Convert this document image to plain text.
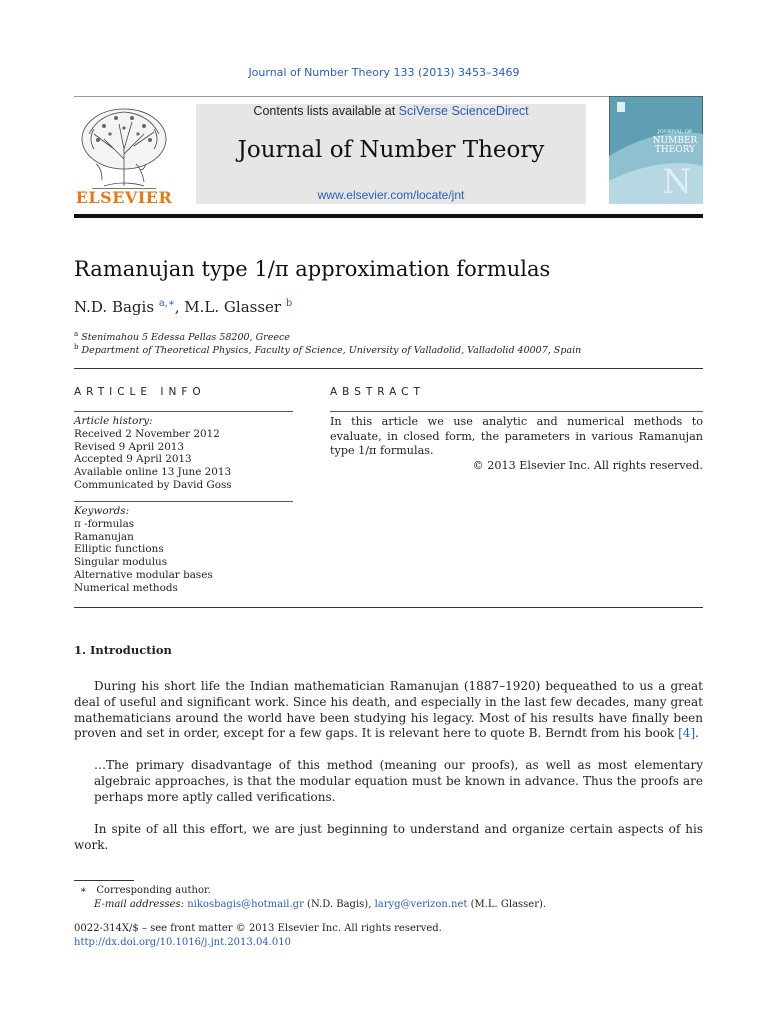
Journal of Number Theory 133 (2013) 3453–3469
ELSEVIER
Contents lists available at SciVerse ScienceDirect
Journal of Number Theory
www.elsevier.com/locate/jnt	N
JOURNAL OF
NUMBER
THEORY
Ramanujan type 1/π approximation formulas
N.D. Bagis $^{a,∗}$, M.L. Glasser $^b$
$^a$ Stenimahou 5 Edessa Pellas 58200, Greece
$^b$ Department of Theoretical Physics, Faculty of Science, University of Valladolid, Valladolid 40007, Spain
ARTICLE INFO
Article history:
Received 2 November 2012
Revised 9 April 2013
Accepted 9 April 2013
Available online 13 June 2013
Communicated by David Goss
Keywords:
π -formulas
Ramanujan
Elliptic functions
Singular modulus
Alternative modular bases
Numerical methods
ABSTRACT
In this article we use analytic and numerical methods to evaluate, in closed form, the parameters in various Ramanujan type 1/π formulas.
© 2013 Elsevier Inc. All rights reserved.
1. Introduction
During his short life the Indian mathematician Ramanujan (1887–1920) bequeathed to us a great deal of useful and significant work. Since his death, and especially in the last few decades, many great mathematicians around the world have been studying his legacy. Most of his results have finally been proven and set in order, except for a few gaps. It is relevant here to quote B. Berndt from his book [4].
…The primary disadvantage of this method (meaning our proofs), as well as most elementary algebraic approaches, is that the modular equation must be known in advance. Thus the proofs are perhaps more aptly called verifications.
In spite of all this effort, we are just beginning to understand and organize certain aspects of his work.
∗ Corresponding author.
E-mail addresses: nikosbagis@hotmail.gr (N.D. Bagis), laryg@verizon.net (M.L. Glasser).
0022-314X/$ – see front matter © 2013 Elsevier Inc. All rights reserved.
http://dx.doi.org/10.1016/j.jnt.2013.04.010
